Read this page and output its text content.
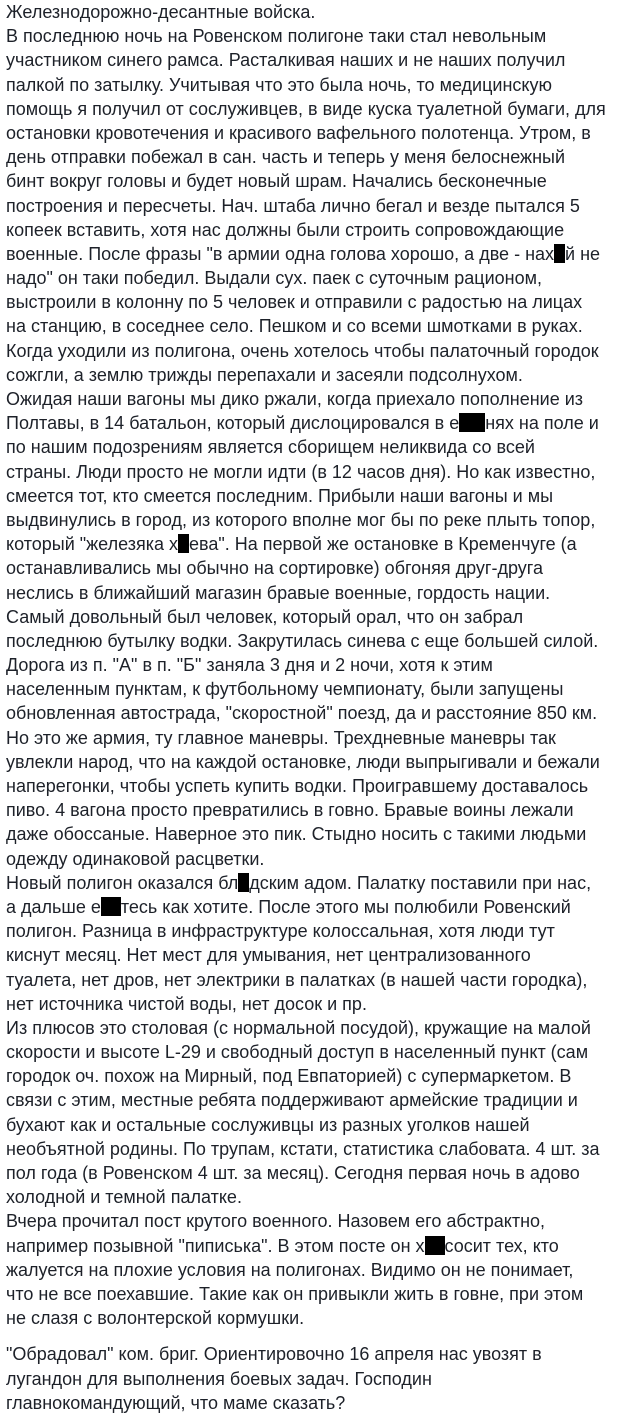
Железнодорожно-десантные войска.
В последнюю ночь на Ровенском полигоне таки стал невольным
участником синего рамса. Расталкивая наших и не наших получил
палкой по затылку. Учитывая что это была ночь, то медицинскую
помощь я получил от сослуживцев, в виде куска туалетной бумаги, для
остановки кровотечения и красивого вафельного полотенца. Утром, в
день отправки побежал в сан. часть и теперь у меня белоснежный
бинт вокруг головы и будет новый шрам. Начались бесконечные
построения и пересчеты. Нач. штаба лично бегал и везде пытался 5
копеек вставить, хотя нас должны были строить сопровождающие
военные. После фразы "в армии одна голова хорошо, а две - нах й не
надо" он таки победил. Выдали сух. паек с суточным рационом,
выстроили в колонну по 5 человек и отправили с радостью на лицах
на станцию, в соседнее село. Пешком и со всеми шмотками в руках.
Когда уходили из полигона, очень хотелось чтобы палаточный городок
сожгли, а землю трижды перепахали и засеяли подсолнухом.
Ожидая наши вагоны мы дико ржали, когда приехало пополнение из
Полтавы, в 14 батальон, который дислоцировался в е нях на поле и
по нашим подозрениям является сборищем неликвида со всей
страны. Люди просто не могли идти (в 12 часов дня). Но как известно,
смеется тот, кто смеется последним. Прибыли наши вагоны и мы
выдвинулись в город, из которого вполне мог бы по реке плыть топор,
который "железяка х ева". На первой же остановке в Кременчуге (а
останавливались мы обычно на сортировке) обгоняя друг-друга
неслись в ближайший магазин бравые военные, гордость нации.
Самый довольный был человек, который орал, что он забрал
последнюю бутылку водки. Закрутилась синева с еще большей силой.
Дорога из п. "А" в п. "Б" заняла 3 дня и 2 ночи, хотя к этим
населенным пунктам, к футбольному чемпионату, были запущены
обновленная автострада, "скоростной" поезд, да и расстояние 850 км.
Но это же армия, ту главное маневры. Трехдневные маневры так
увлекли народ, что на каждой остановке, люди выпрыгивали и бежали
наперегонки, чтобы успеть купить водки. Проигравшему доставалось
пиво. 4 вагона просто превратились в говно. Бравые воины лежали
даже обоссаные. Наверное это пик. Стыдно носить с такими людьми
одежду одинаковой расцветки.
Новый полигон оказался бл дским адом. Палатку поставили при нас,
а дальше е тесь как хотите. После этого мы полюбили Ровенский
полигон. Разница в инфраструктуре колоссальная, хотя люди тут
киснут месяц. Нет мест для умывания, нет централизованного
туалета, нет дров, нет электрики в палатках (в нашей части городка),
нет источника чистой воды, нет досок и пр.
Из плюсов это столовая (с нормальной посудой), кружащие на малой
скорости и высоте L-29 и свободный доступ в населенный пункт (сам
городок оч. похож на Мирный, под Евпаторией) с супермаркетом. В
связи с этим, местные ребята поддерживают армейские традиции и
бухают как и остальные сослуживцы из разных уголков нашей
необъятной родины. По трупам, кстати, статистика слабовата. 4 шт. за
пол года (в Ровенском 4 шт. за месяц). Сегодня первая ночь в адово
холодной и темной палатке.
Вчера прочитал пост крутого военного. Назовем его абстрактно,
например позывной "пиписька". В этом посте он х сосит тех, кто
жалуется на плохие условия на полигонах. Видимо он не понимает,
что не все поехавшие. Такие как он привыкли жить в говне, при этом
не слазя с волонтерской кормушки.
"Обрадовал" ком. бриг. Ориентировочно 16 апреля нас увозят в
лугандон для выполнения боевых задач. Господин
главнокомандующий, что маме сказать?
